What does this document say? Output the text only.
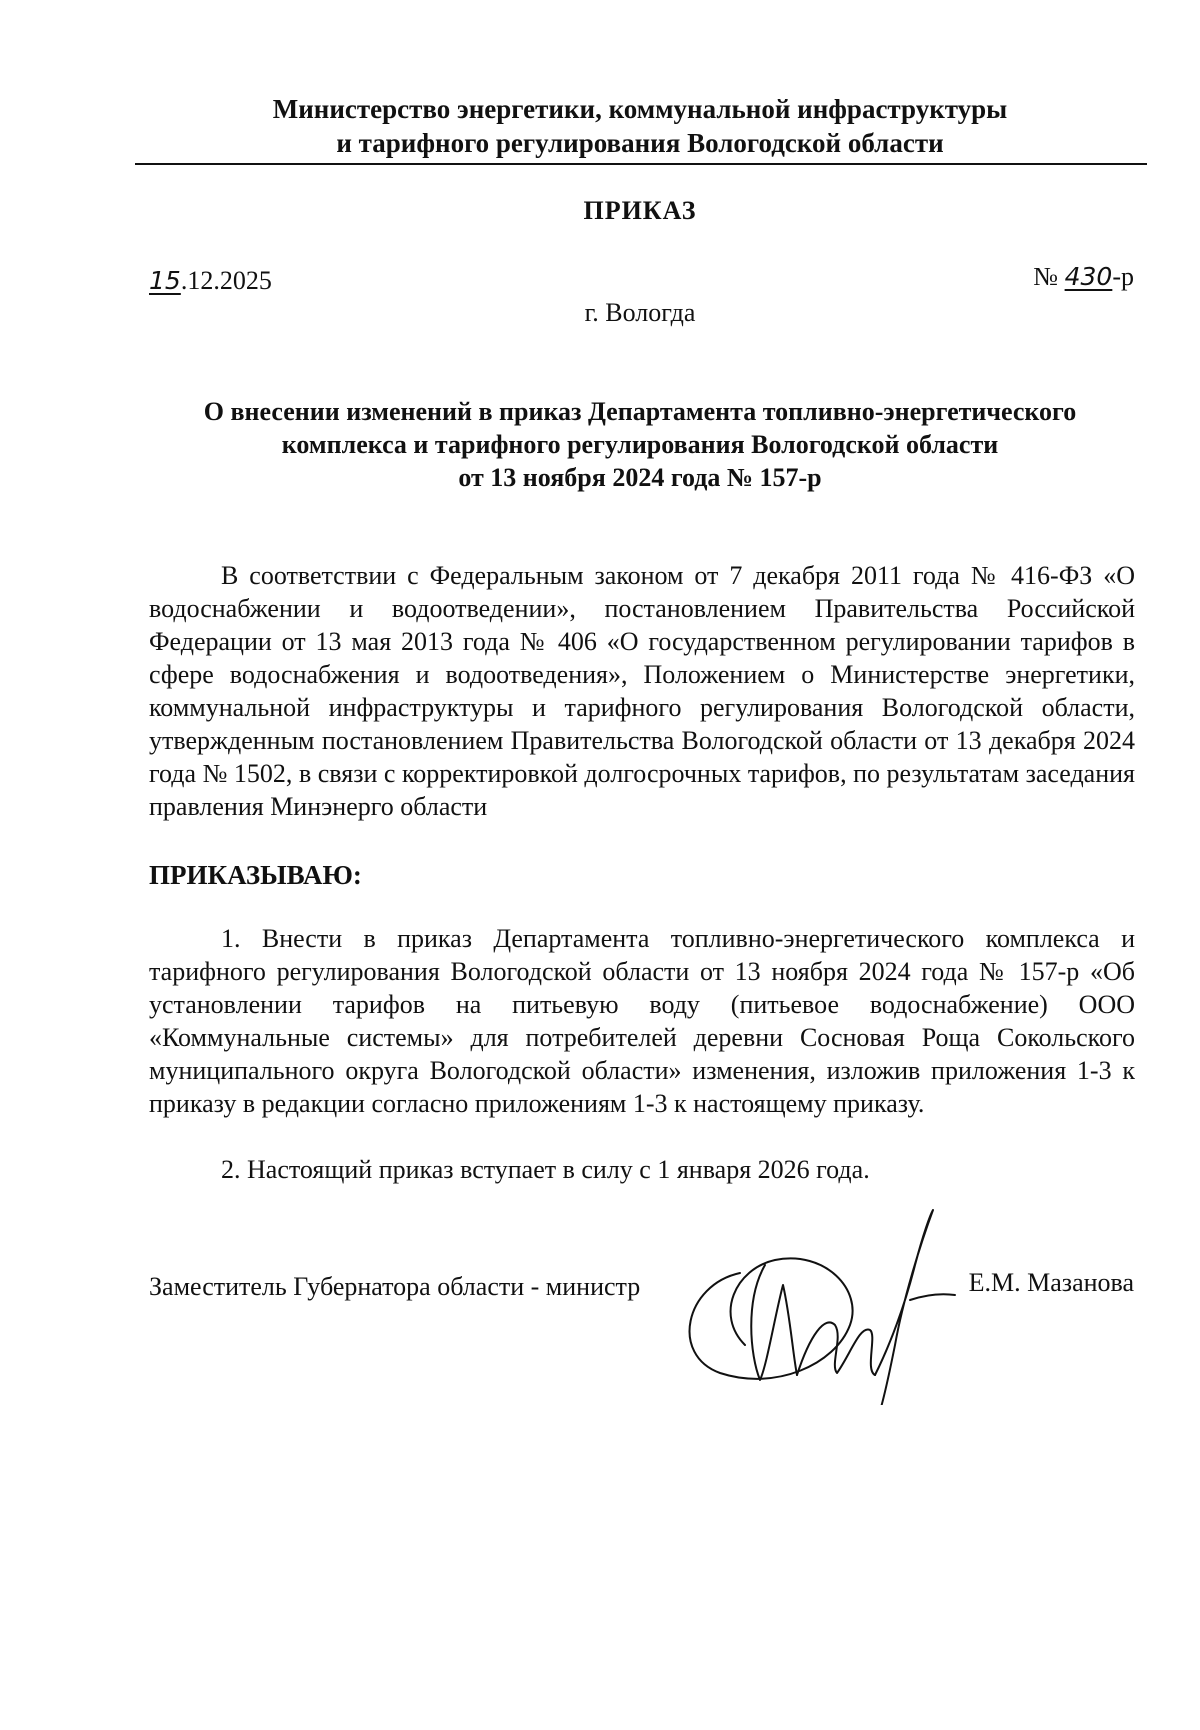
Министерство энергетики, коммунальной инфраструктуры
и тарифного регулирования Вологодской области
ПРИКАЗ
15.12.2025	№ 430-р
г. Вологда
О внесении изменений в приказ Департамента топливно-энергетического
комплекса и тарифного регулирования Вологодской области
от 13 ноября 2024 года № 157-р
В соответствии с Федеральным законом от 7 декабря 2011 года № 416-ФЗ «О водоснабжении и водоотведении», постановлением Правительства Российской Федерации от 13 мая 2013 года № 406 «О государственном регулировании тарифов в сфере водоснабжения и водоотведения», Положением о Министерстве энергетики, коммунальной инфраструктуры и тарифного регулирования Вологодской области, утвержденным постановлением Правительства Вологодской области от 13 декабря 2024 года № 1502, в связи с корректировкой долгосрочных тарифов, по результатам заседания правления Минэнерго области
ПРИКАЗЫВАЮ:
1. Внести в приказ Департамента топливно-энергетического комплекса и тарифного регулирования Вологодской области от 13 ноября 2024 года № 157-р «Об установлении тарифов на питьевую воду (питьевое водоснабжение) ООО «Коммунальные системы» для потребителей деревни Сосновая Роща Сокольского муниципального округа Вологодской области» изменения, изложив приложения 1-3 к приказу в редакции согласно приложениям 1-3 к настоящему приказу.
2. Настоящий приказ вступает в силу с 1 января 2026 года.
Заместитель Губернатора области - министр	Е.М. Мазанова
